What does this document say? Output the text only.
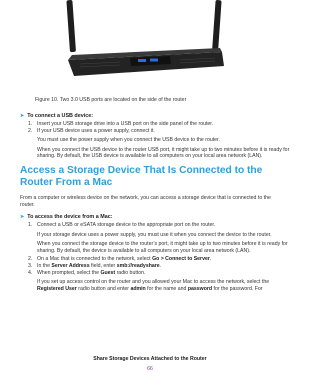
Figure 10. Two 3.0 USB ports are located on the side of the router
➤ To connect a USB device:

1. Insert your USB storage drive into a USB port on the side panel of the router.

2. If your USB device uses a power supply, connect it.

You must use the power supply when you connect the USB device to the router.

When you connect the USB device to the router USB port, it might take up to two minutes before it is ready for sharing. By default, the USB device is available to all computers on your local area network (LAN).

Access a Storage Device That Is Connected to the Router From a Mac
From a computer or wireless device on the network, you can access a storage device that is connected to the router.
➤ To access the device from a Mac:

1. Connect a USB or eSATA storage device to the appropriate port on the router.

If your storage device uses a power supply, you must use it when you connect the device to the router.

When you connect the storage device to the router’s port, it might take up to two minutes before it is ready for sharing. By default, the device is available to all computers on your local area network (LAN).

2. On a Mac that is connected to the network, select Go > Connect to Server.

3. In the Server Address field, enter smb://readyshare.

4. When prompted, select the Guest radio button.

If you set up access control on the router and you allowed your Mac to access the network, select the Registered User radio button and enter admin for the name and password for the password. For

Share Storage Devices Attached to the Router
66
